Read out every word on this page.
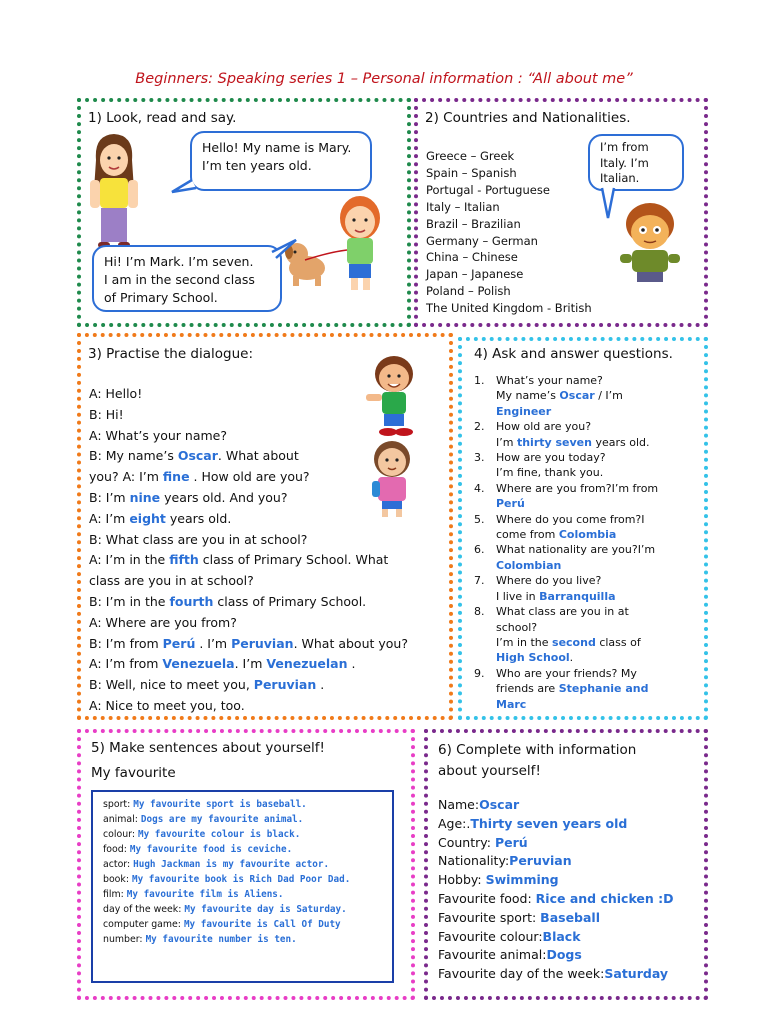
Beginners: Speaking series 1 – Personal information : “All about me”
1) Look, read and say.
Hello! My name is Mary.
I’m ten years old.
Hi! I’m Mark. I’m seven.
I am in the second class
of Primary School.
2) Countries and Nationalities.
Greece – Greek
Spain – Spanish
Portugal - Portuguese
Italy – Italian
Brazil – Brazilian
Germany – German
China – Chinese
Japan – Japanese
Poland – Polish
The United Kingdom - British
I’m from
Italy. I’m
Italian.
3) Practise the dialogue:
A: Hello!
B: Hi!
A: What’s your name?
B: My name’s Oscar. What about
you? A: I’m fine . How old are you?
B: I’m nine years old. And you?
A: I’m eight years old.
B: What class are you in at school?
A: I’m in the fifth class of Primary School. What
class are you in at school?
B: I’m in the fourth class of Primary School.
A: Where are you from?
B: I’m from Perú . I’m Peruvian. What about you?
A: I’m from Venezuela. I’m Venezuelan .
B: Well, nice to meet you, Peruvian .
A: Nice to meet you, too.
4) Ask and answer questions.
1. What’s your name?
My name’s Oscar / I’m
Engineer
2. How old are you?
I’m thirty seven years old.
3. How are you today?
I’m fine, thank you.
4. Where are you from?I’m from
Perú
5. Where do you come from?I
come from Colombia
6. What nationality are you?I’m
Colombian
7. Where do you live?
I live in Barranquilla
8. What class are you in at
school?
I’m in the second class of
High School.
9. Who are your friends? My
friends are Stephanie and
Marc
5) Make sentences about yourself!
My favourite
sport: My favourite sport is baseball.
animal: Dogs are my favourite animal.
colour: My favourite colour is black.
food: My favourite food is ceviche.
actor: Hugh Jackman is my favourite actor.
book: My favourite book is Rich Dad Poor Dad.
film: My favourite film is Aliens.
day of the week: My favourite day is Saturday.
computer game: My favourite is Call Of Duty
number: My favourite number is ten.
6) Complete with information
about yourself!
Name:Oscar
Age:.Thirty seven years old
Country: Perú
Nationality:Peruvian
Hobby: Swimming
Favourite food: Rice and chicken :D
Favourite sport: Baseball
Favourite colour:Black
Favourite animal:Dogs
Favourite day of the week:Saturday
